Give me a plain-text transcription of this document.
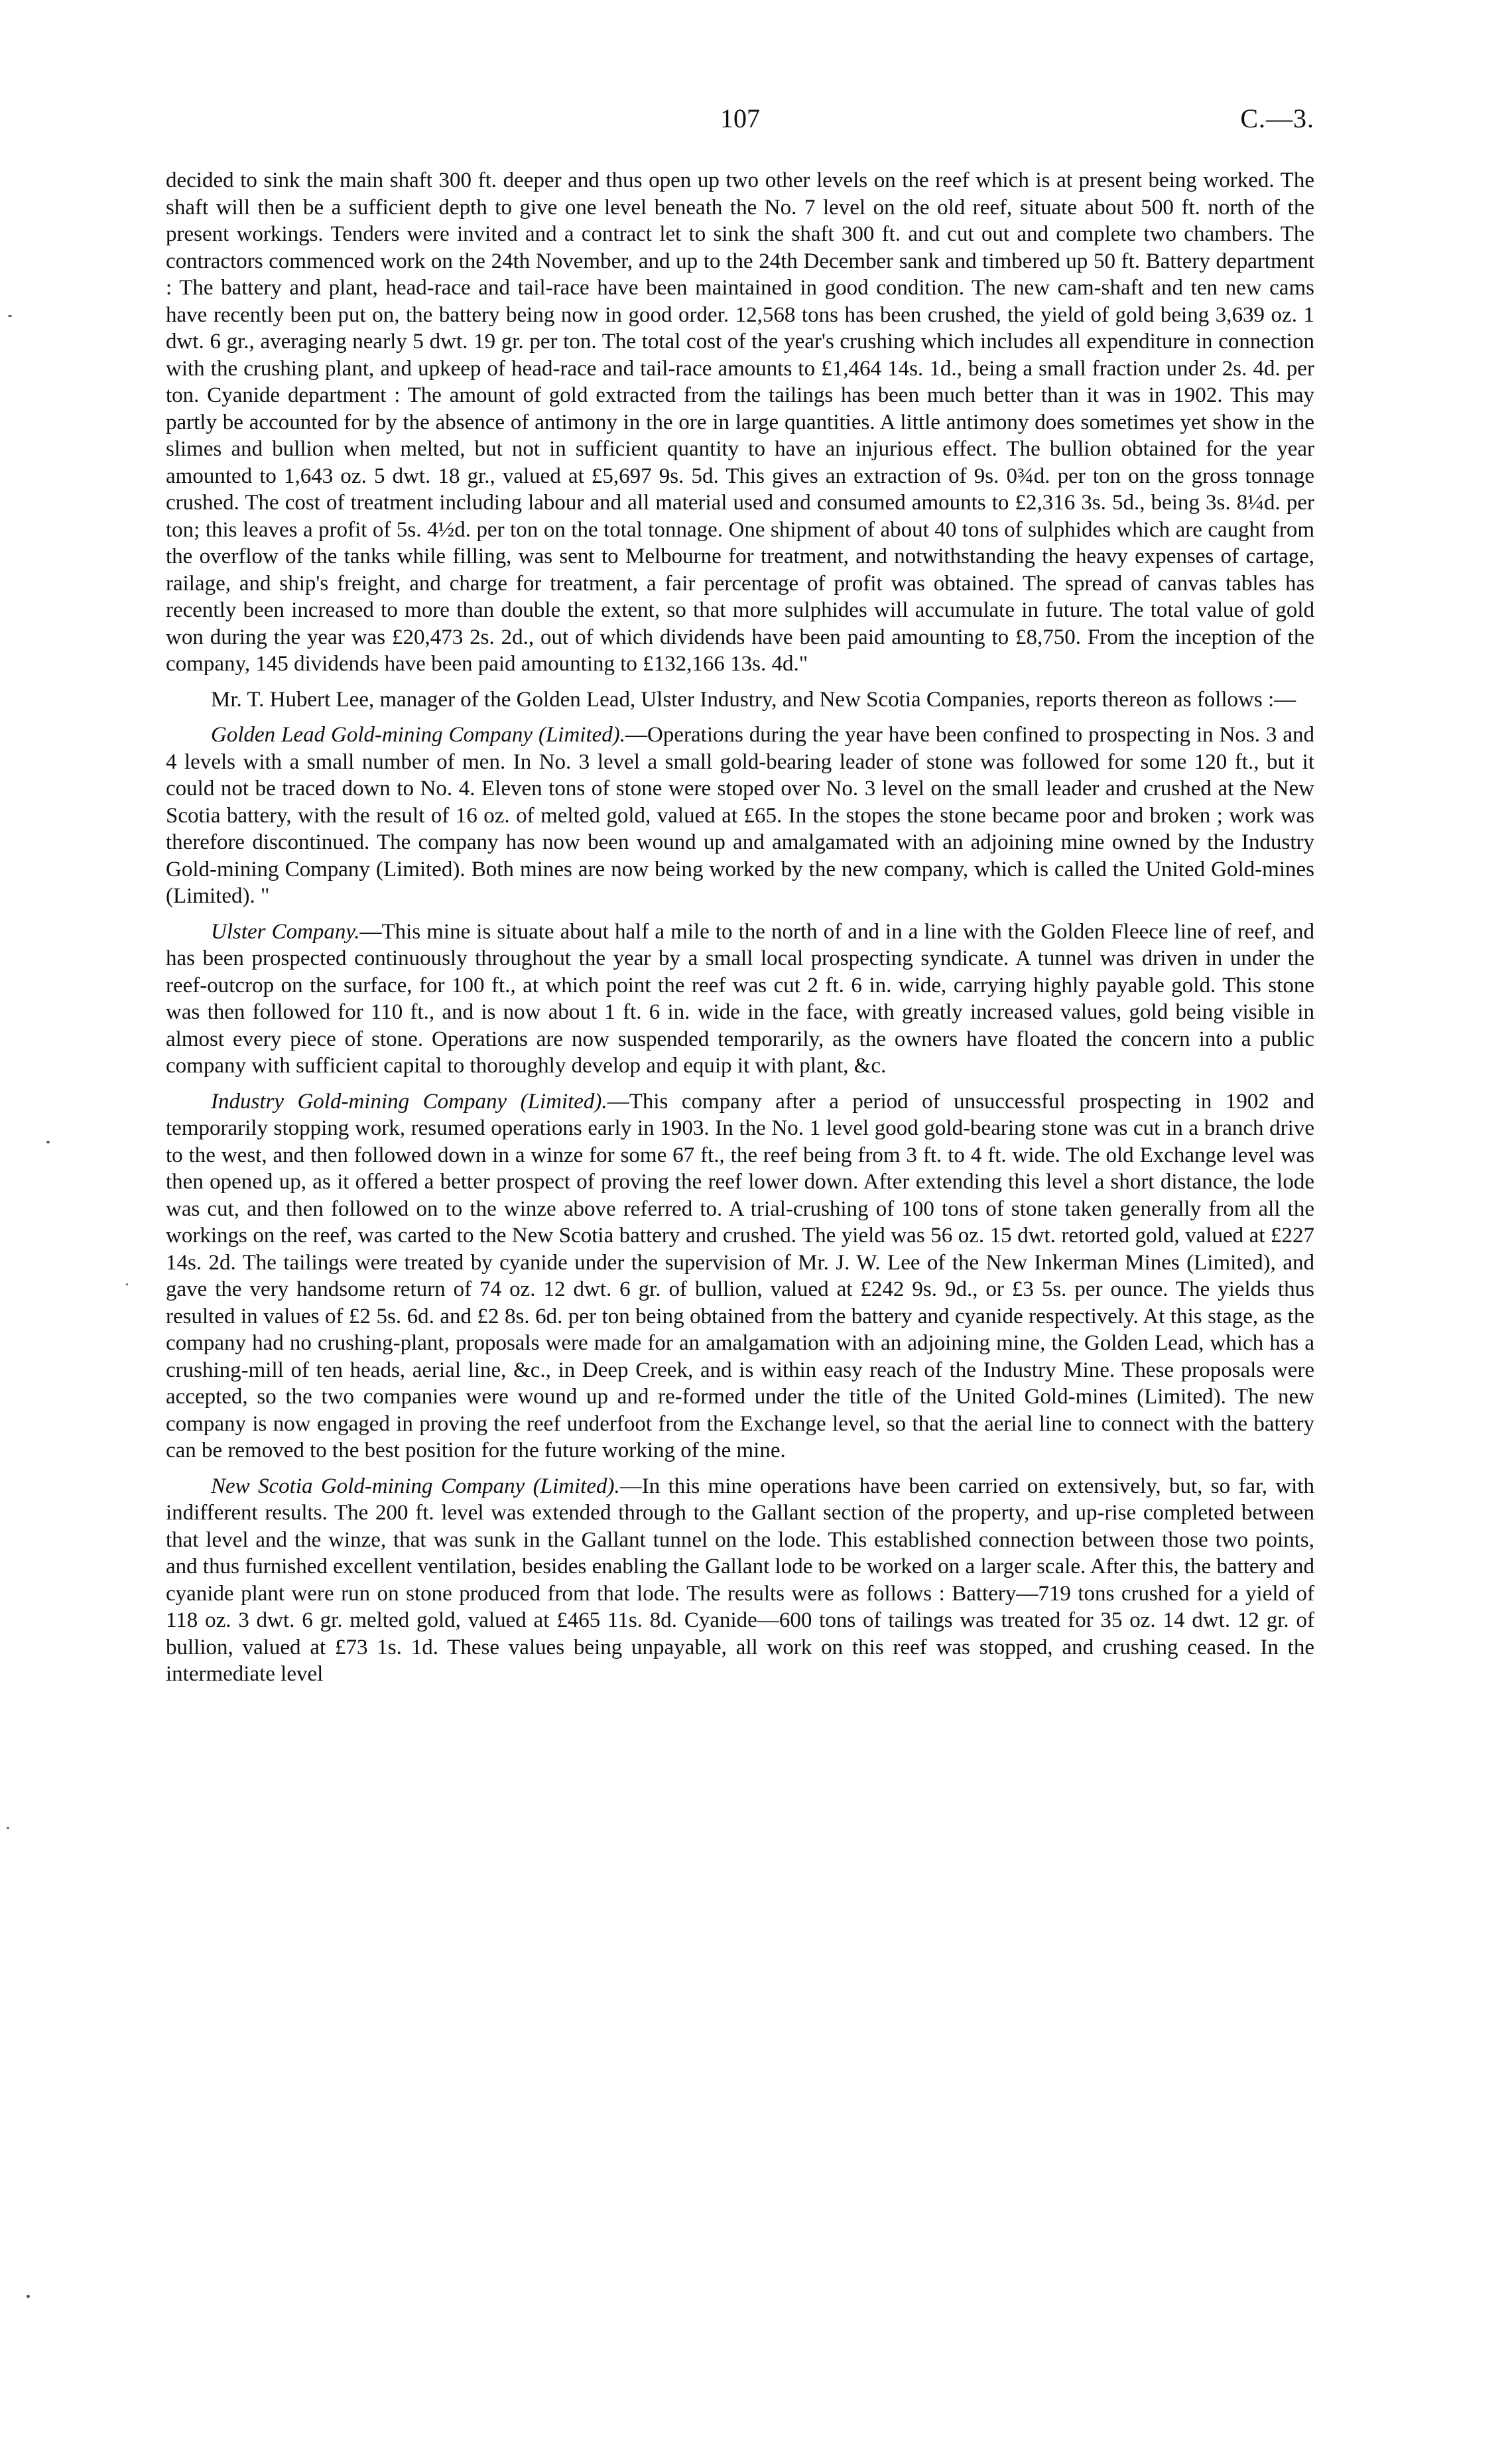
107	C.—3.

decided to sink the main shaft 300 ft. deeper and thus open up two other levels on the reef which is at present being worked. The shaft will then be a sufficient depth to give one level beneath the No. 7 level on the old reef, situate about 500 ft. north of the present workings. Tenders were invited and a contract let to sink the shaft 300 ft. and cut out and complete two chambers. The contractors commenced work on the 24th November, and up to the 24th December sank and timbered up 50 ft. Battery department : The battery and plant, head-race and tail-race have been maintained in good condition. The new cam-shaft and ten new cams have recently been put on, the battery being now in good order. 12,568 tons has been crushed, the yield of gold being 3,639 oz. 1 dwt. 6 gr., averaging nearly 5 dwt. 19 gr. per ton. The total cost of the year's crushing which includes all expenditure in connection with the crushing plant, and upkeep of head-race and tail-race amounts to £1,464 14s. 1d., being a small fraction under 2s. 4d. per ton. Cyanide department : The amount of gold extracted from the tailings has been much better than it was in 1902. This may partly be accounted for by the absence of antimony in the ore in large quantities. A little antimony does sometimes yet show in the slimes and bullion when melted, but not in sufficient quantity to have an injurious effect. The bullion obtained for the year amounted to 1,643 oz. 5 dwt. 18 gr., valued at £5,697 9s. 5d. This gives an extraction of 9s. 0¾d. per ton on the gross tonnage crushed. The cost of treatment including labour and all material used and consumed amounts to £2,316 3s. 5d., being 3s. 8¼d. per ton; this leaves a profit of 5s. 4½d. per ton on the total tonnage. One shipment of about 40 tons of sulphides which are caught from the overflow of the tanks while filling, was sent to Melbourne for treatment, and notwithstanding the heavy expenses of cartage, railage, and ship's freight, and charge for treatment, a fair percentage of profit was obtained. The spread of canvas tables has recently been increased to more than double the extent, so that more sulphides will accumulate in future. The total value of gold won during the year was £20,473 2s. 2d., out of which dividends have been paid amounting to £8,750. From the inception of the company, 145 dividends have been paid amounting to £132,166 13s. 4d."

Mr. T. Hubert Lee, manager of the Golden Lead, Ulster Industry, and New Scotia Companies, reports thereon as follows :—

Golden Lead Gold-mining Company (Limited).—Operations during the year have been confined to prospecting in Nos. 3 and 4 levels with a small number of men. In No. 3 level a small gold-bearing leader of stone was followed for some 120 ft., but it could not be traced down to No. 4. Eleven tons of stone were stoped over No. 3 level on the small leader and crushed at the New Scotia battery, with the result of 16 oz. of melted gold, valued at £65. In the stopes the stone became poor and broken ; work was therefore discontinued. The company has now been wound up and amalgamated with an adjoining mine owned by the Industry Gold-mining Company (Limited). Both mines are now being worked by the new company, which is called the United Gold-mines (Limited). "

Ulster Company.—This mine is situate about half a mile to the north of and in a line with the Golden Fleece line of reef, and has been prospected continuously throughout the year by a small local prospecting syndicate. A tunnel was driven in under the reef-outcrop on the surface, for 100 ft., at which point the reef was cut 2 ft. 6 in. wide, carrying highly payable gold. This stone was then followed for 110 ft., and is now about 1 ft. 6 in. wide in the face, with greatly increased values, gold being visible in almost every piece of stone. Operations are now suspended temporarily, as the owners have floated the concern into a public company with sufficient capital to thoroughly develop and equip it with plant, &c.

Industry Gold-mining Company (Limited).—This company after a period of unsuccessful prospecting in 1902 and temporarily stopping work, resumed operations early in 1903. In the No. 1 level good gold-bearing stone was cut in a branch drive to the west, and then followed down in a winze for some 67 ft., the reef being from 3 ft. to 4 ft. wide. The old Exchange level was then opened up, as it offered a better prospect of proving the reef lower down. After extending this level a short distance, the lode was cut, and then followed on to the winze above referred to. A trial-crushing of 100 tons of stone taken generally from all the workings on the reef, was carted to the New Scotia battery and crushed. The yield was 56 oz. 15 dwt. retorted gold, valued at £227 14s. 2d. The tailings were treated by cyanide under the supervision of Mr. J. W. Lee of the New Inkerman Mines (Limited), and gave the very handsome return of 74 oz. 12 dwt. 6 gr. of bullion, valued at £242 9s. 9d., or £3 5s. per ounce. The yields thus resulted in values of £2 5s. 6d. and £2 8s. 6d. per ton being obtained from the battery and cyanide respectively. At this stage, as the company had no crushing-plant, proposals were made for an amalgamation with an adjoining mine, the Golden Lead, which has a crushing-mill of ten heads, aerial line, &c., in Deep Creek, and is within easy reach of the Industry Mine. These proposals were accepted, so the two companies were wound up and re-formed under the title of the United Gold-mines (Limited). The new company is now engaged in proving the reef underfoot from the Exchange level, so that the aerial line to connect with the battery can be removed to the best position for the future working of the mine.

New Scotia Gold-mining Company (Limited).—In this mine operations have been carried on extensively, but, so far, with indifferent results. The 200 ft. level was extended through to the Gallant section of the property, and up-rise completed between that level and the winze, that was sunk in the Gallant tunnel on the lode. This established connection between those two points, and thus furnished excellent ventilation, besides enabling the Gallant lode to be worked on a larger scale. After this, the battery and cyanide plant were run on stone produced from that lode. The results were as follows : Battery—719 tons crushed for a yield of 118 oz. 3 dwt. 6 gr. melted gold, valued at £465 11s. 8d. Cyanide—600 tons of tailings was treated for 35 oz. 14 dwt. 12 gr. of bullion, valued at £73 1s. 1d. These values being unpayable, all work on this reef was stopped, and crushing ceased. In the intermediate level
